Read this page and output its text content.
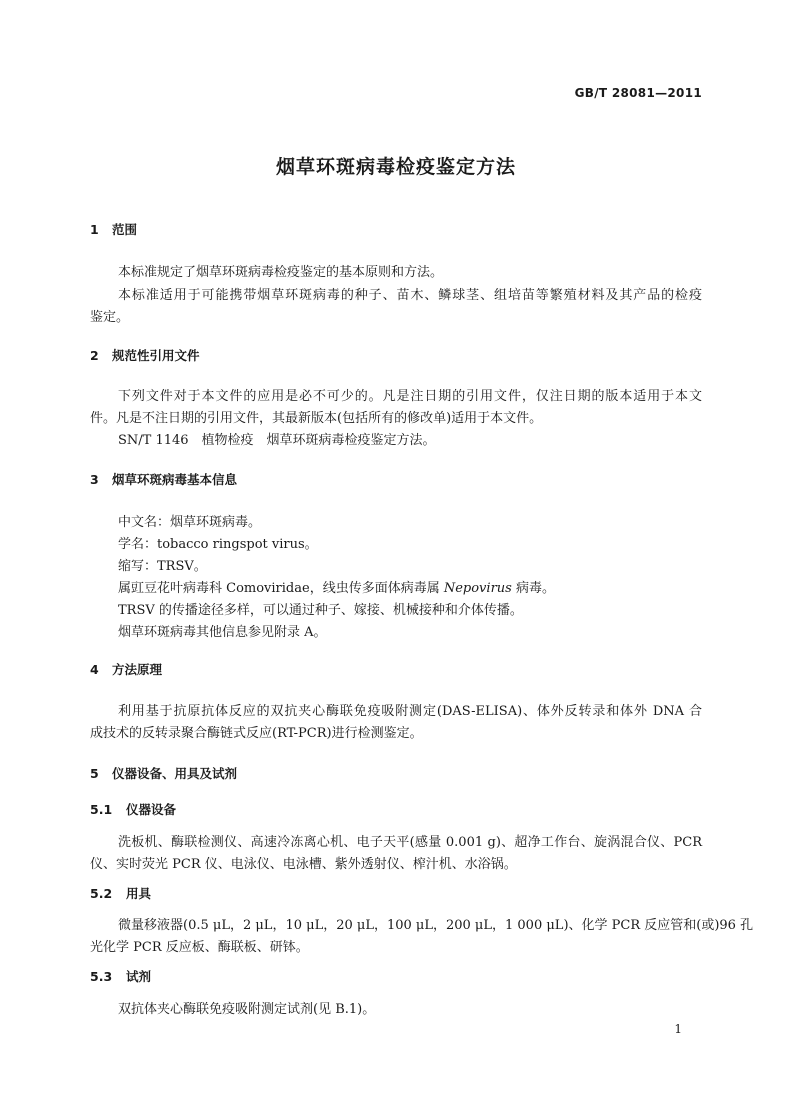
GB/T 28081—2011
烟草环斑病毒检疫鉴定方法
1 范围
本标准规定了烟草环斑病毒检疫鉴定的基本原则和方法。
本标准适用于可能携带烟草环斑病毒的种子、苗木、鳞球茎、组培苗等繁殖材料及其产品的检疫
鉴定。
2 规范性引用文件
下列文件对于本文件的应用是必不可少的。凡是注日期的引用文件，仅注日期的版本适用于本文
件。凡是不注日期的引用文件，其最新版本(包括所有的修改单)适用于本文件。
SN/T 1146　植物检疫　烟草环斑病毒检疫鉴定方法。
3 烟草环斑病毒基本信息
中文名：烟草环斑病毒。
学名：tobacco ringspot virus。
缩写：TRSV。
属豇豆花叶病毒科 Comoviridae，线虫传多面体病毒属 Nepovirus 病毒。
TRSV 的传播途径多样，可以通过种子、嫁接、机械接种和介体传播。
烟草环斑病毒其他信息参见附录 A。
4 方法原理
利用基于抗原抗体反应的双抗夹心酶联免疫吸附测定(DAS-ELISA)、体外反转录和体外 DNA 合
成技术的反转录聚合酶链式反应(RT-PCR)进行检测鉴定。
5 仪器设备、用具及试剂
5.1 仪器设备
洗板机、酶联检测仪、高速冷冻离心机、电子天平(感量 0.001 g)、超净工作台、旋涡混合仪、PCR
仪、实时荧光 PCR 仪、电泳仪、电泳槽、紫外透射仪、榨汁机、水浴锅。
5.2 用具
微量移液器(0.5 μL，2 μL，10 μL，20 μL，100 μL，200 μL，1 000 μL)、化学 PCR 反应管和(或)96 孔
光化学 PCR 反应板、酶联板、研钵。
5.3 试剂
双抗体夹心酶联免疫吸附测定试剂(见 B.1)。
1
